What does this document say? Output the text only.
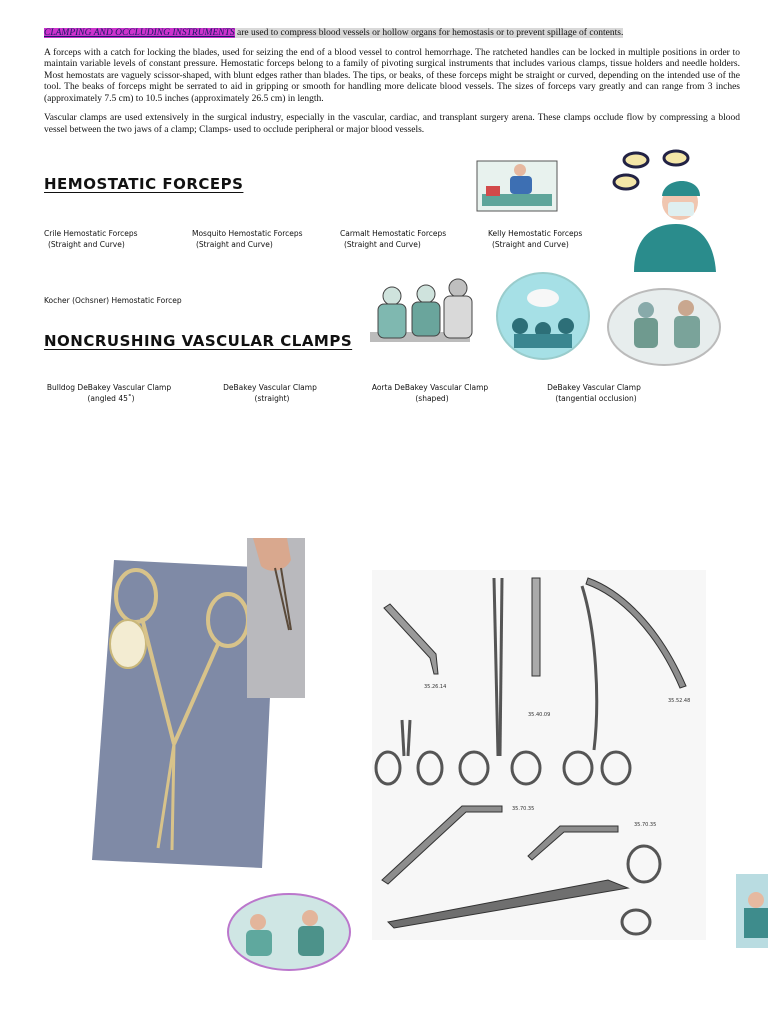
CLAMPING AND OCCLUDING INSTRUMENTS are used to compress blood vessels or hollow organs for hemostasis or to prevent spillage of contents.

A forceps with a catch for locking the blades, used for seizing the end of a blood vessel to control hemorrhage. The ratcheted handles can be locked in multiple positions in order to maintain variable levels of constant pressure. Hemostatic forceps belong to a family of pivoting surgical instruments that includes various clamps, tissue holders and needle holders. Most hemostats are vaguely scissor-shaped, with blunt edges rather than blades. The tips, or beaks, of these forceps might be straight or curved, depending on the intended use of the tool. The beaks of forceps might be serrated to aid in gripping or smooth for handling more delicate blood vessels. The sizes of forceps vary greatly and can range from 3 inches (approximately 7.5 cm) to 10.5 inches (approximately 26.5 cm) in length.

Vascular clamps are used extensively in the surgical industry, especially in the vascular, cardiac, and transplant surgery arena. These clamps occlude flow by compressing a blood vessel between the two jaws of a clamp; Clamps- used to occlude peripheral or major blood vessels.

HEMOSTATIC FORCEPS
Crile Hemostatic Forceps
(Straight and Curve)
Mosquito Hemostatic Forceps
(Straight and Curve)
Carmalt Hemostatic Forceps
(Straight and Curve)
Kelly Hemostatic Forceps
(Straight and Curve)
Kocher (Ochsner) Hemostatic Forcep
NONCRUSHING VASCULAR CLAMPS
Bulldog DeBakey Vascular Clamp
(angled 45˚)
DeBakey Vascular Clamp
(straight)
Aorta DeBakey Vascular Clamp
(shaped)
DeBakey Vascular Clamp
(tangential occlusion)
35.26.14
35.40.09
35.52.48
35.70.35
35.70.35
